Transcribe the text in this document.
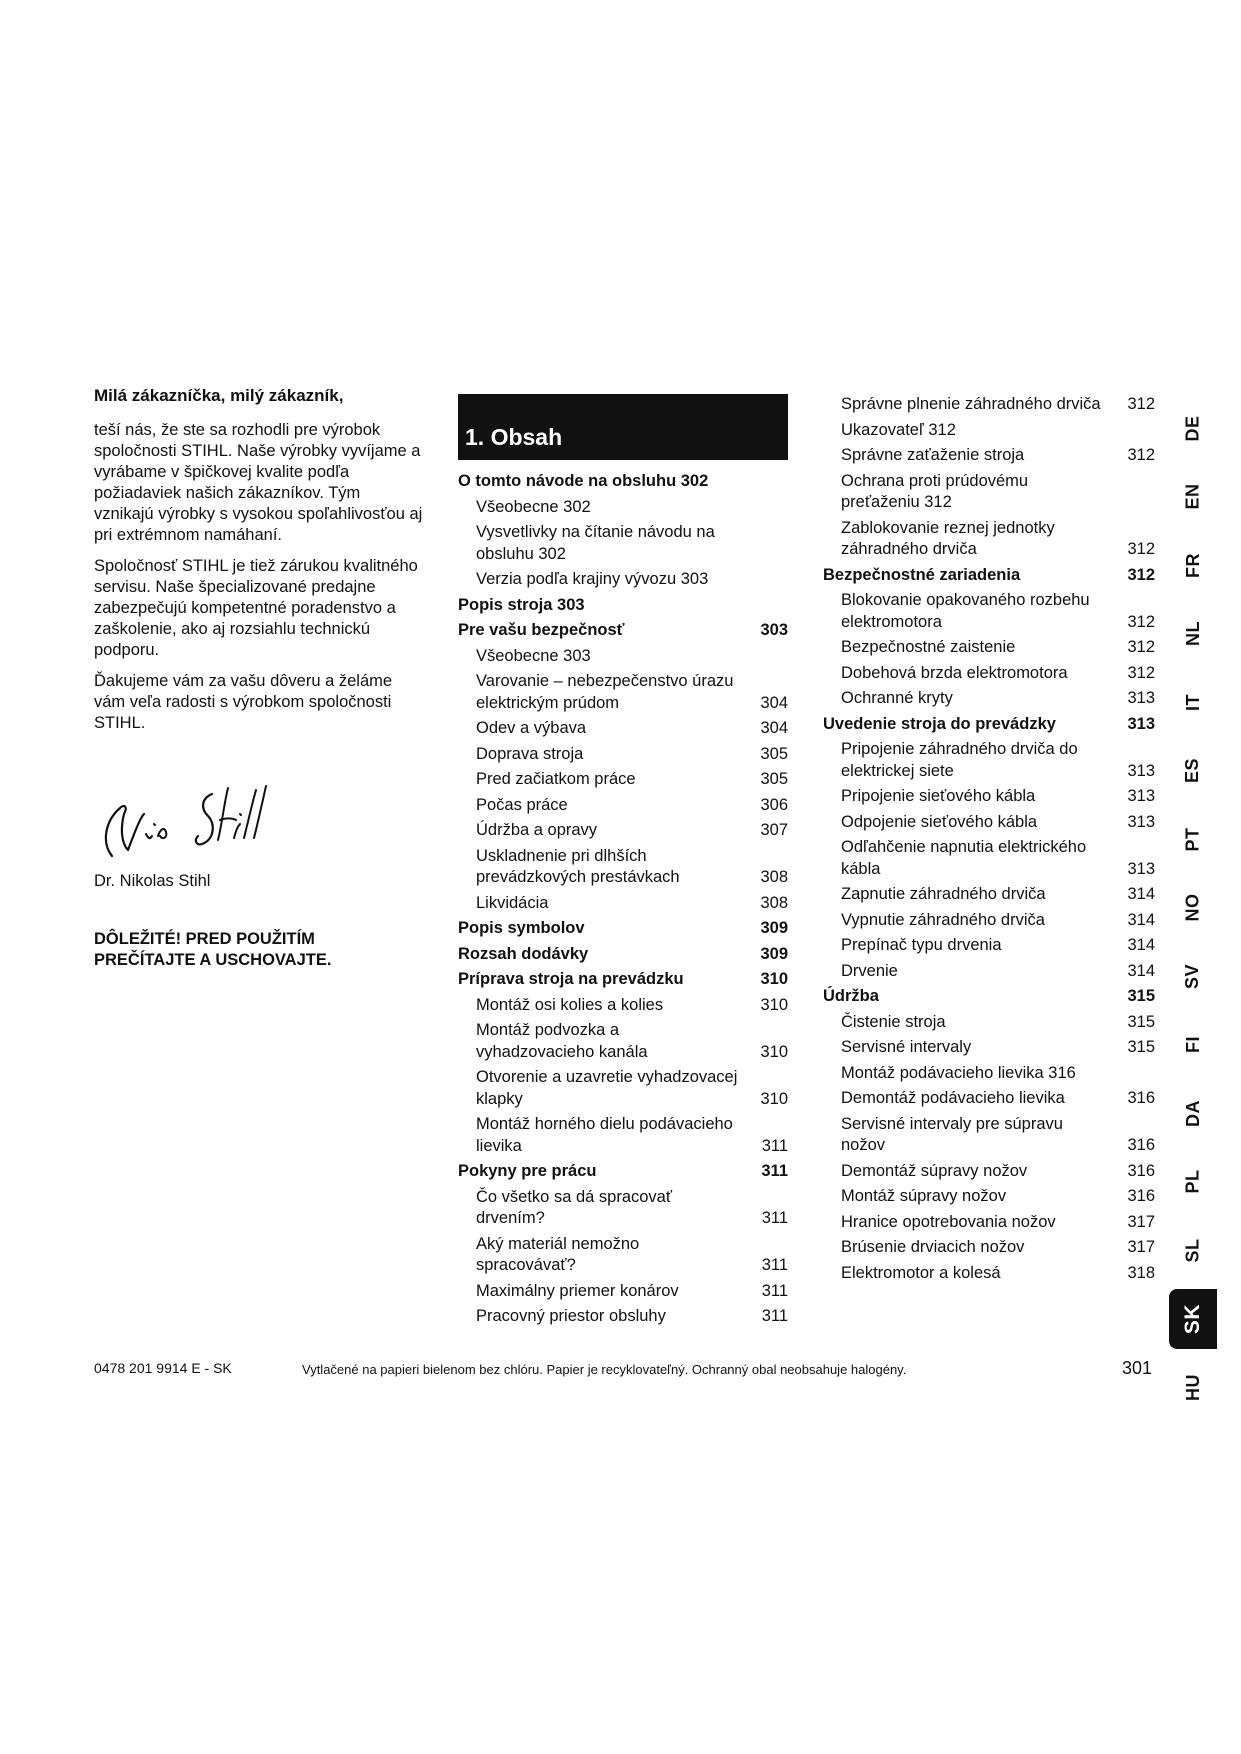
Milá zákazníčka, milý zákazník,

teší nás, že ste sa rozhodli pre výrobok spoločnosti STIHL. Naše výrobky vyvíjame a vyrábame v špičkovej kvalite podľa požiadaviek našich zákazníkov. Tým vznikajú výrobky s vysokou spoľahlivosťou aj pri extrémnom namáhaní.

Spoločnosť STIHL je tiež zárukou kvalitného servisu. Naše špecializované predajne zabezpečujú kompetentné poradenstvo a zaškolenie, ako aj rozsiahlu technickú podporu.

Ďakujeme vám za vašu dôveru a želáme vám veľa radosti s výrobkom spoločnosti STIHL.

Dr. Nikolas Stihl
DÔLEŽITÉ! PRED POUŽITÍM PREČÍTAJTE A USCHOVAJTE.
1. Obsah
O tomto návode na obsluhu 302
Všeobecne 302
Vysvetlivky na čítanie návodu na obsluhu 302
Verzia podľa krajiny vývozu 303
Popis stroja 303
Pre vašu bezpečnosť	303
Všeobecne 303
Varovanie – nebezpečenstvo úrazu elektrickým prúdom	304
Odev a výbava	304
Doprava stroja	305
Pred začiatkom práce	305
Počas práce	306
Údržba a opravy	307
Uskladnenie pri dlhších prevádzkových prestávkach	308
Likvidácia	308
Popis symbolov	309
Rozsah dodávky	309
Príprava stroja na prevádzku	310
Montáž osi kolies a kolies	310
Montáž podvozka a vyhadzovacieho kanála	310
Otvorenie a uzavretie vyhadzovacej klapky	310
Montáž horného dielu podávacieho lievika	311
Pokyny pre prácu	311
Čo všetko sa dá spracovať drvením?	311
Aký materiál nemožno spracovávať?	311
Maximálny priemer konárov	311
Pracovný priestor obsluhy	311
Správne plnenie záhradného drviča	312
Ukazovateľ 312
Správne zaťaženie stroja	312
Ochrana proti prúdovému preťaženiu 312
Zablokovanie reznej jednotky záhradného drviča	312
Bezpečnostné zariadenia	312
Blokovanie opakovaného rozbehu elektromotora	312
Bezpečnostné zaistenie	312
Dobehová brzda elektromotora	312
Ochranné kryty	313
Uvedenie stroja do prevádzky	313
Pripojenie záhradného drviča do elektrickej siete	313
Pripojenie sieťového kábla	313
Odpojenie sieťového kábla	313
Odľahčenie napnutia elektrického kábla	313
Zapnutie záhradného drviča	314
Vypnutie záhradného drviča	314
Prepínač typu drvenia	314
Drvenie	314
Údržba	315
Čistenie stroja	315
Servisné intervaly	315
Montáž podávacieho lievika 316
Demontáž podávacieho lievika	316
Servisné intervaly pre súpravu nožov	316
Demontáž súpravy nožov	316
Montáž súpravy nožov	316
Hranice opotrebovania nožov	317
Brúsenie drviacich nožov	317
Elektromotor a kolesá	318
DE
EN
FR
NL
IT
ES
PT
NO
SV
FI
DA
PL
SL
SK
HU
0478 201 9914 E - SK	Vytlačené na papieri bielenom bez chlóru. Papier je recyklovateľný. Ochranný obal neobsahuje halogény.	301
